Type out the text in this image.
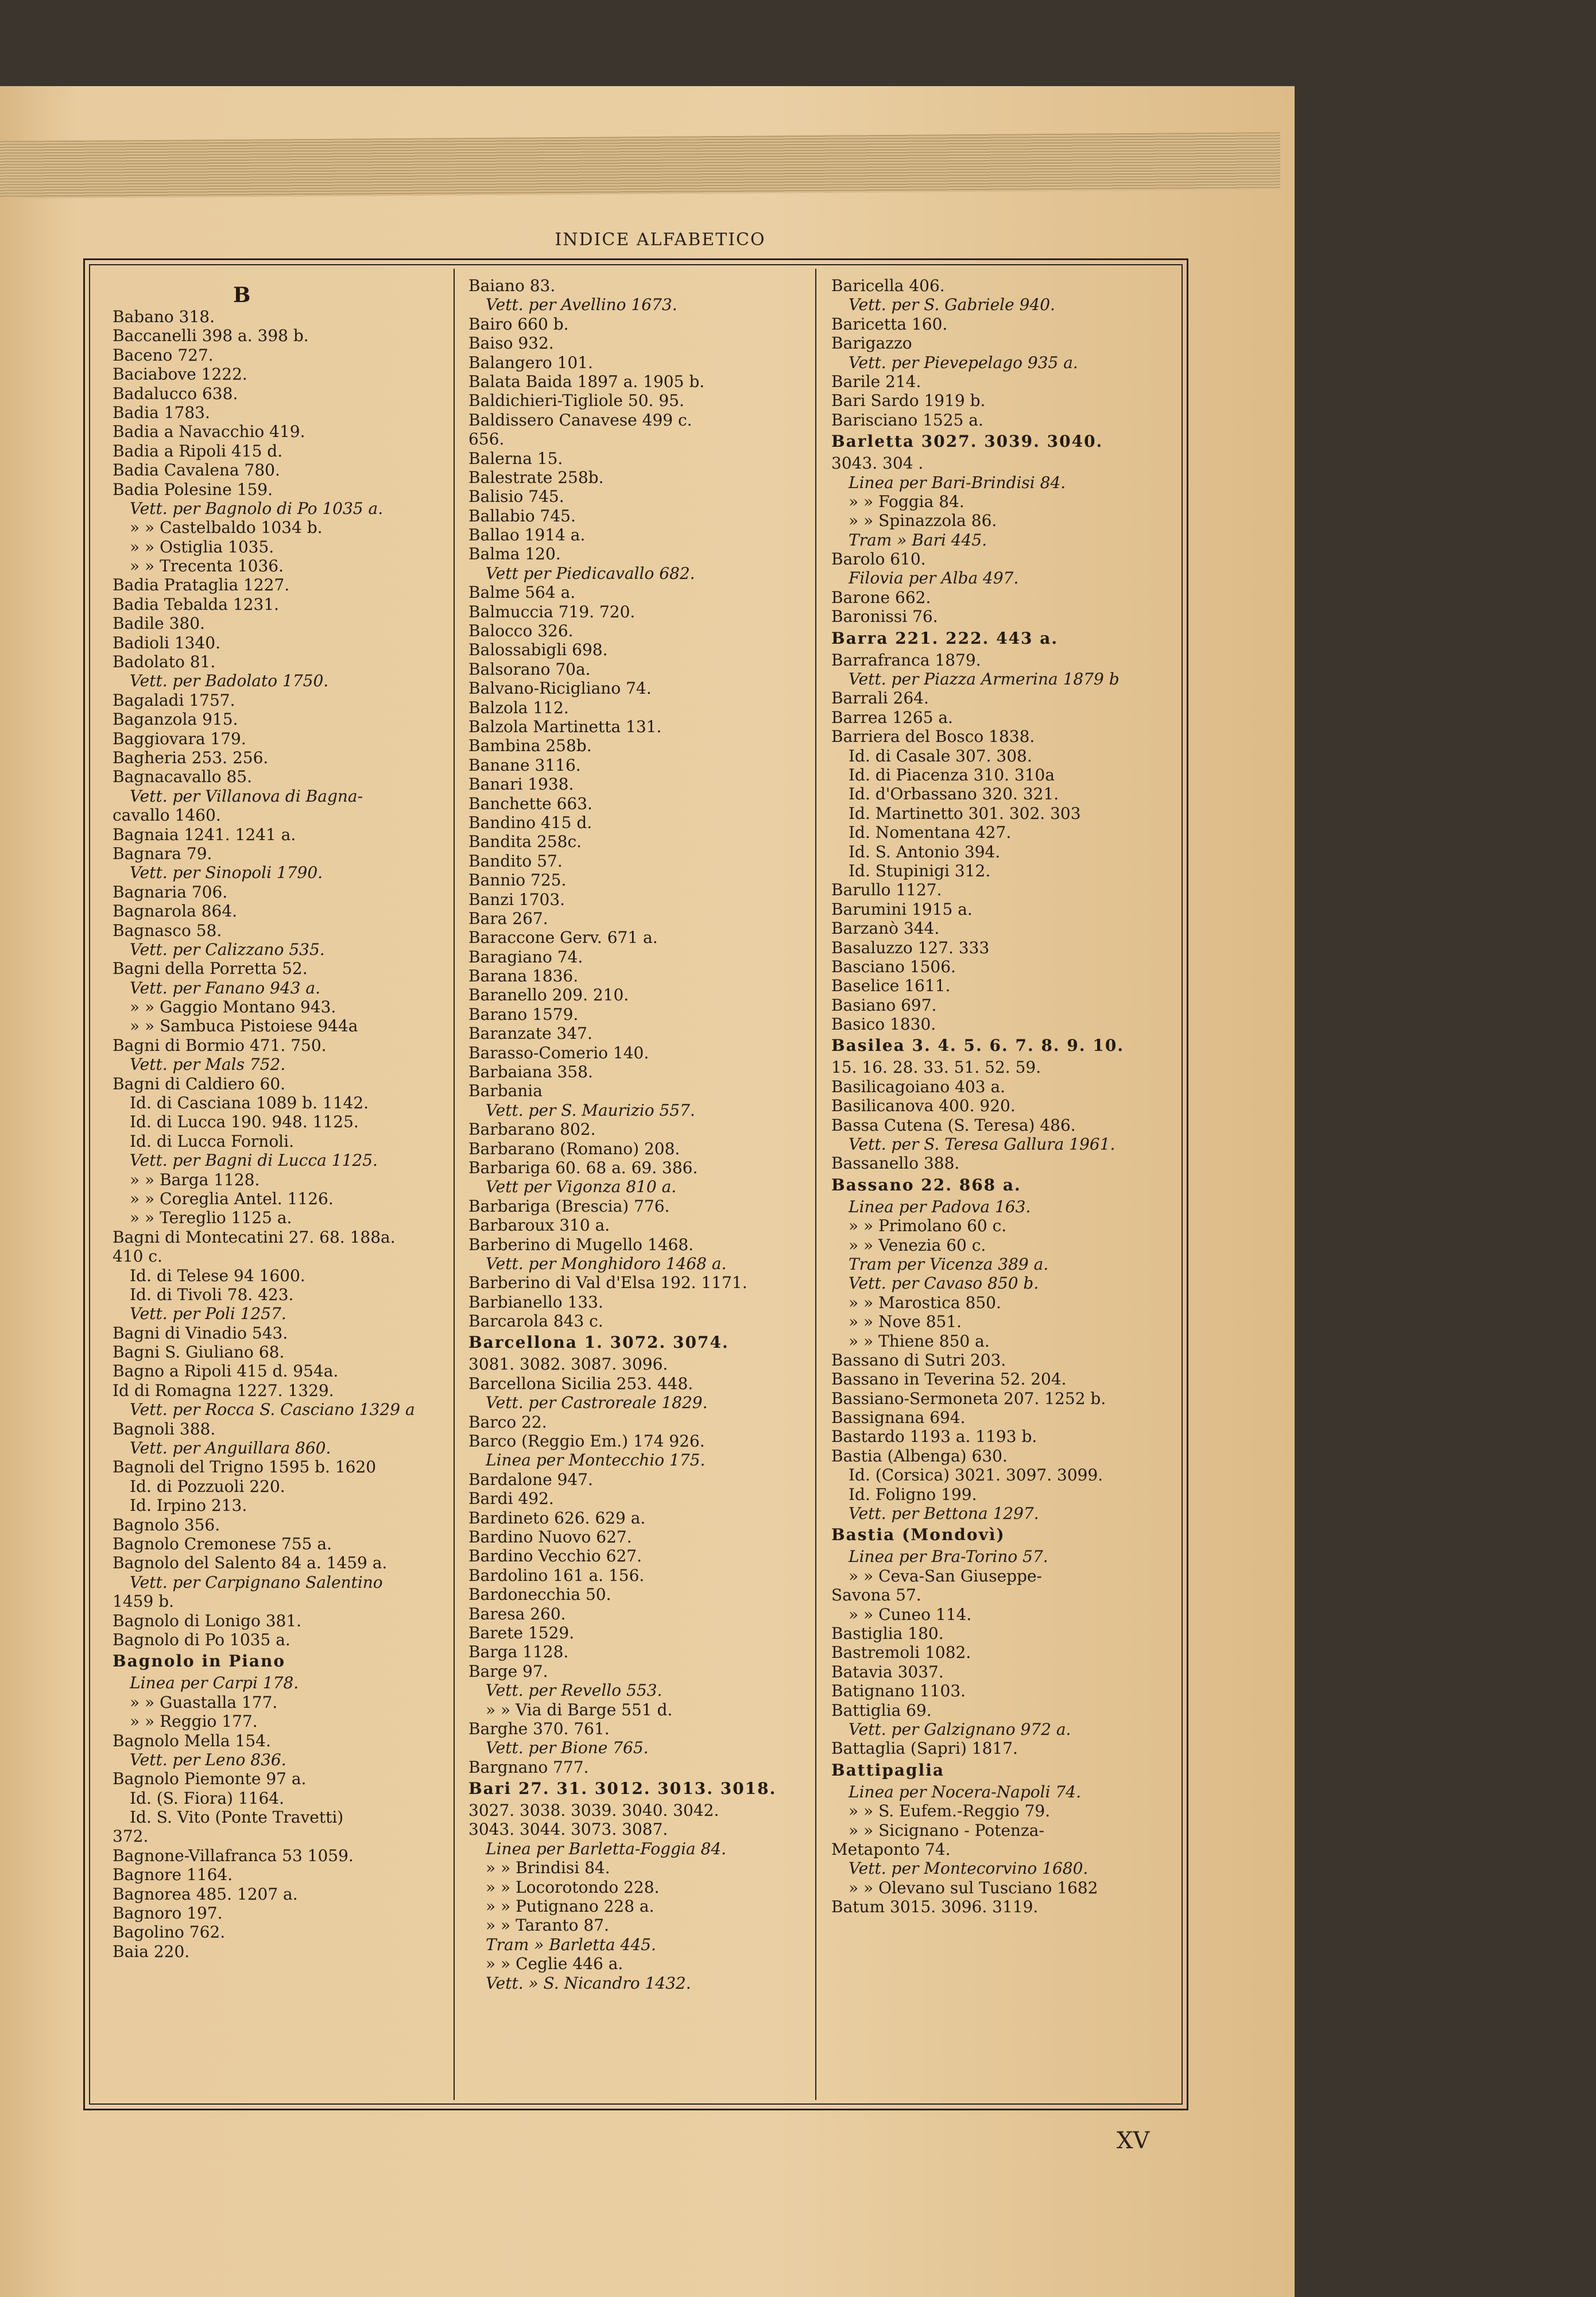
INDICE ALFABETICO
B
Babano 318.
Baccanelli 398 a. 398 b.
Baceno 727.
Baciabove 1222.
Badalucco 638.
Badia 1783.
Badia a Navacchio 419.
Badia a Ripoli 415 d.
Badia Cavalena 780.
Badia Polesine 159.
Vett. per Bagnolo di Po 1035 a.
» » Castelbaldo 1034 b.
» » Ostiglia 1035.
» » Trecenta 1036.
Badia Prataglia 1227.
Badia Tebalda 1231.
Badile 380.
Badioli 1340.
Badolato 81.
Vett. per Badolato 1750.
Bagaladi 1757.
Baganzola 915.
Baggiovara 179.
Bagheria 253. 256.
Bagnacavallo 85.
Vett. per Villanova di Bagna-
cavallo 1460.
Bagnaia 1241. 1241 a.
Bagnara 79.
Vett. per Sinopoli 1790.
Bagnaria 706.
Bagnarola 864.
Bagnasco 58.
Vett. per Calizzano 535.
Bagni della Porretta 52.
Vett. per Fanano 943 a.
» » Gaggio Montano 943.
» » Sambuca Pistoiese 944a
Bagni di Bormio 471. 750.
Vett. per Mals 752.
Bagni di Caldiero 60.
Id. di Casciana 1089 b. 1142.
Id. di Lucca 190. 948. 1125.
Id. di Lucca Fornoli.
Vett. per Bagni di Lucca 1125.
» » Barga 1128.
» » Coreglia Antel. 1126.
» » Tereglio 1125 a.
Bagni di Montecatini 27. 68. 188a.
410 c.
Id. di Telese 94 1600.
Id. di Tivoli 78. 423.
Vett. per Poli 1257.
Bagni di Vinadio 543.
Bagni S. Giuliano 68.
Bagno a Ripoli 415 d. 954a.
Id di Romagna 1227. 1329.
Vett. per Rocca S. Casciano 1329 a
Bagnoli 388.
Vett. per Anguillara 860.
Bagnoli del Trigno 1595 b. 1620
Id. di Pozzuoli 220.
Id. Irpino 213.
Bagnolo 356.
Bagnolo Cremonese 755 a.
Bagnolo del Salento 84 a. 1459 a.
Vett. per Carpignano Salentino
1459 b.
Bagnolo di Lonigo 381.
Bagnolo di Po 1035 a.
Bagnolo in Piano
Linea per Carpi 178.
» » Guastalla 177.
» » Reggio 177.
Bagnolo Mella 154.
Vett. per Leno 836.
Bagnolo Piemonte 97 a.
Id. (S. Fiora) 1164.
Id. S. Vito (Ponte Travetti)
372.
Bagnone-Villafranca 53 1059.
Bagnore 1164.
Bagnorea 485. 1207 a.
Bagnoro 197.
Bagolino 762.
Baia 220.
Baiano 83.
Vett. per Avellino 1673.
Bairo 660 b.
Baiso 932.
Balangero 101.
Balata Baida 1897 a. 1905 b.
Baldichieri-Tigliole 50. 95.
Baldissero Canavese 499 c.
656.
Balerna 15.
Balestrate 258b.
Balisio 745.
Ballabio 745.
Ballao 1914 a.
Balma 120.
Vett per Piedicavallo 682.
Balme 564 a.
Balmuccia 719. 720.
Balocco 326.
Balossabigli 698.
Balsorano 70a.
Balvano-Ricigliano 74.
Balzola 112.
Balzola Martinetta 131.
Bambina 258b.
Banane 3116.
Banari 1938.
Banchette 663.
Bandino 415 d.
Bandita 258c.
Bandito 57.
Bannio 725.
Banzi 1703.
Bara 267.
Baraccone Gerv. 671 a.
Baragiano 74.
Barana 1836.
Baranello 209. 210.
Barano 1579.
Baranzate 347.
Barasso-Comerio 140.
Barbaiana 358.
Barbania
Vett. per S. Maurizio 557.
Barbarano 802.
Barbarano (Romano) 208.
Barbariga 60. 68 a. 69. 386.
Vett per Vigonza 810 a.
Barbariga (Brescia) 776.
Barbaroux 310 a.
Barberino di Mugello 1468.
Vett. per Monghidoro 1468 a.
Barberino di Val d'Elsa 192. 1171.
Barbianello 133.
Barcarola 843 c.
Barcellona 1. 3072. 3074.
3081. 3082. 3087. 3096.
Barcellona Sicilia 253. 448.
Vett. per Castroreale 1829.
Barco 22.
Barco (Reggio Em.) 174 926.
Linea per Montecchio 175.
Bardalone 947.
Bardi 492.
Bardineto 626. 629 a.
Bardino Nuovo 627.
Bardino Vecchio 627.
Bardolino 161 a. 156.
Bardonecchia 50.
Baresa 260.
Barete 1529.
Barga 1128.
Barge 97.
Vett. per Revello 553.
» » Via di Barge 551 d.
Barghe 370. 761.
Vett. per Bione 765.
Bargnano 777.
Bari 27. 31. 3012. 3013. 3018.
3027. 3038. 3039. 3040. 3042.
3043. 3044. 3073. 3087.
Linea per Barletta-Foggia 84.
» » Brindisi 84.
» » Locorotondo 228.
» » Putignano 228 a.
» » Taranto 87.
Tram » Barletta 445.
» » Ceglie 446 a.
Vett. » S. Nicandro 1432.
Baricella 406.
Vett. per S. Gabriele 940.
Baricetta 160.
Barigazzo
Vett. per Pievepelago 935 a.
Barile 214.
Bari Sardo 1919 b.
Barisciano 1525 a.
Barletta 3027. 3039. 3040.
3043. 304 .
Linea per Bari-Brindisi 84.
» » Foggia 84.
» » Spinazzola 86.
Tram » Bari 445.
Barolo 610.
Filovia per Alba 497.
Barone 662.
Baronissi 76.
Barra 221. 222. 443 a.
Barrafranca 1879.
Vett. per Piazza Armerina 1879 b
Barrali 264.
Barrea 1265 a.
Barriera del Bosco 1838.
Id. di Casale 307. 308.
Id. di Piacenza 310. 310a
Id. d'Orbassano 320. 321.
Id. Martinetto 301. 302. 303
Id. Nomentana 427.
Id. S. Antonio 394.
Id. Stupinigi 312.
Barullo 1127.
Barumini 1915 a.
Barzanò 344.
Basaluzzo 127. 333
Basciano 1506.
Baselice 1611.
Basiano 697.
Basico 1830.
Basilea 3. 4. 5. 6. 7. 8. 9. 10.
15. 16. 28. 33. 51. 52. 59.
Basilicagoiano 403 a.
Basilicanova 400. 920.
Bassa Cutena (S. Teresa) 486.
Vett. per S. Teresa Gallura 1961.
Bassanello 388.
Bassano 22. 868 a.
Linea per Padova 163.
» » Primolano 60 c.
» » Venezia 60 c.
Tram per Vicenza 389 a.
Vett. per Cavaso 850 b.
» » Marostica 850.
» » Nove 851.
» » Thiene 850 a.
Bassano di Sutri 203.
Bassano in Teverina 52. 204.
Bassiano-Sermoneta 207. 1252 b.
Bassignana 694.
Bastardo 1193 a. 1193 b.
Bastia (Albenga) 630.
Id. (Corsica) 3021. 3097. 3099.
Id. Foligno 199.
Vett. per Bettona 1297.
Bastia (Mondovì)
Linea per Bra-Torino 57.
» » Ceva-San Giuseppe-
Savona 57.
» » Cuneo 114.
Bastiglia 180.
Bastremoli 1082.
Batavia 3037.
Batignano 1103.
Battiglia 69.
Vett. per Galzignano 972 a.
Battaglia (Sapri) 1817.
Battipaglia
Linea per Nocera-Napoli 74.
» » S. Eufem.-Reggio 79.
» » Sicignano - Potenza-
Metaponto 74.
Vett. per Montecorvino 1680.
» » Olevano sul Tusciano 1682
Batum 3015. 3096. 3119.
XV
